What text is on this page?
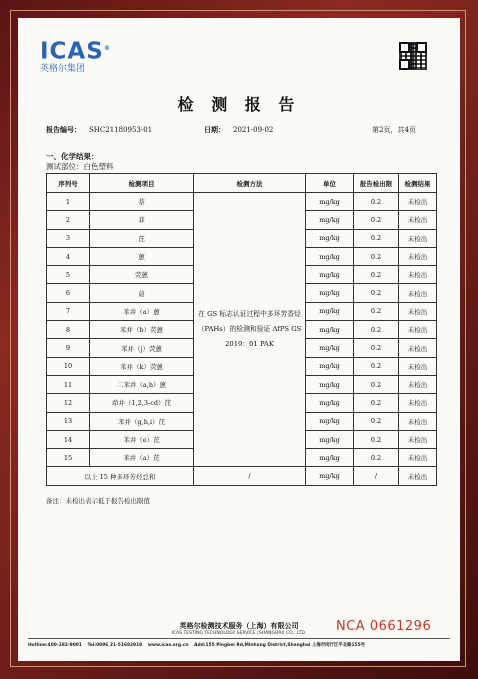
ICAS®
英格尔集团
检 测 报 告
报告编号： SHC21180953-01	日期： 2021-09-02	第2页，共4页
一、化学结果：
测试部位：白色塑料
序列号	检测项目	检测方法	单位	报告检出限	检测结果
1	萘	在 GS 标志认证过程中多环芳香烃
（PAHs）的检测和验证 AfPS GS
2019：01 PAK	mg/kg	0.2	未检出
2	菲		mg/kg	0.2	未检出
3	芘		mg/kg	0.2	未检出
4	蒽		mg/kg	0.2	未检出
5	荧蒽		mg/kg	0.2	未检出
6	䓛		mg/kg	0.2	未检出
7	苯并（a）蒽		mg/kg	0.2	未检出
8	苯并（b）荧蒽		mg/kg	0.2	未检出
9	苯并（j）荧蒽		mg/kg	0.2	未检出
10	苯并（k）荧蒽		mg/kg	0.2	未检出
11	二苯并（a,h）蒽		mg/kg	0.2	未检出
12	茚并（1,2,3-cd）芘		mg/kg	0.2	未检出
13	苯并（g,h,i）芘		mg/kg	0.2	未检出
14	苯并（e）芘		mg/kg	0.2	未检出
15	苯并（a）芘		mg/kg	0.2	未检出
以上 15 种多环芳烃总和		/	mg/kg	/	未检出
备注：未检出表示低于报告检出限值
英格尔检测技术服务（上海）有限公司
ICAS TESTING TECHNOLOGY SERVICE (SHANGHAI) CO., LTD.	NCA 0661296
Hotline:400-182-9001 Tel:0086 21-51682918 www.icas.org.cn Add:155 Pingbei Rd,Minhang District,Shanghai 上海市闵行区平北路155号
